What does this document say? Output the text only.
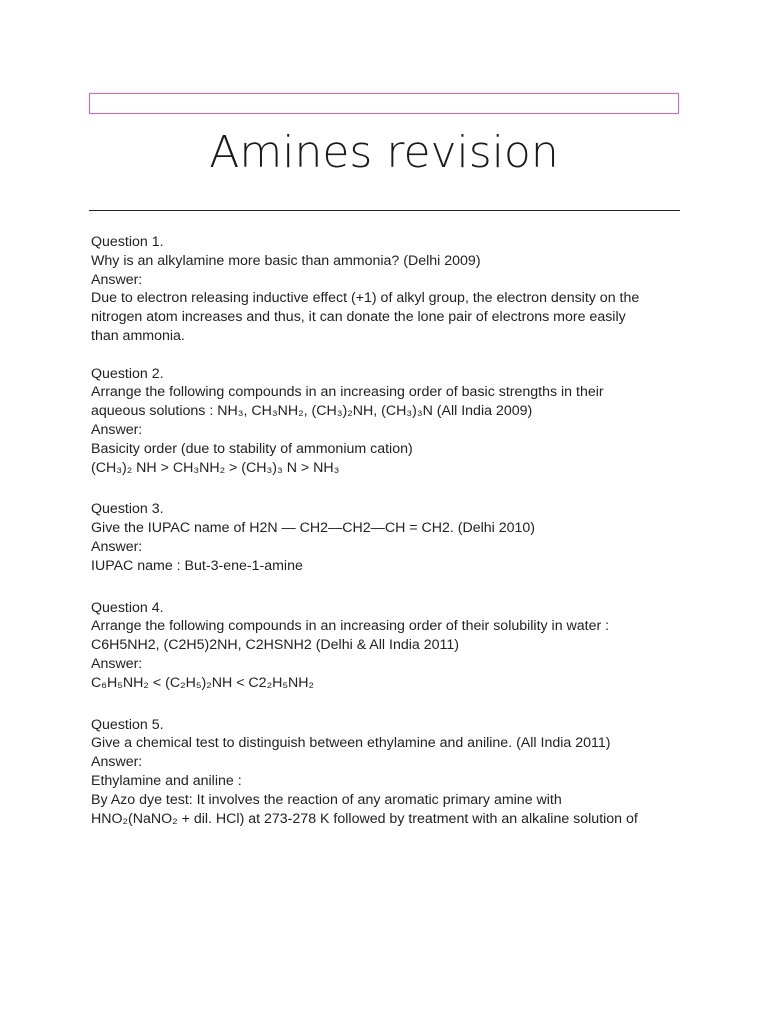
Amines revision
Question 1.
Why is an alkylamine more basic than ammonia? (Delhi 2009)
Answer:
Due to electron releasing inductive effect (+1) of alkyl group, the electron density on the
nitrogen atom increases and thus, it can donate the lone pair of electrons more easily
than ammonia.
Question 2.
Arrange the following compounds in an increasing order of basic strengths in their
aqueous solutions : NH₃, CH₃NH₂, (CH₃)₂NH, (CH₃)₃N (All India 2009)
Answer:
Basicity order (due to stability of ammonium cation)
(CH₃)₂ NH > CH₃NH₂ > (CH₃)₃ N > NH₃
Question 3.
Give the IUPAC name of H2N — CH2—CH2—CH = CH2. (Delhi 2010)
Answer:
IUPAC name : But-3-ene-1-amine
Question 4.
Arrange the following compounds in an increasing order of their solubility in water :
C6H5NH2, (C2H5)2NH, C2HSNH2 (Delhi & All India 2011)
Answer:
C₆H₅NH₂ < (C₂H₅)₂NH < C2₂H₅NH₂
Question 5.
Give a chemical test to distinguish between ethylamine and aniline. (All India 2011)
Answer:
Ethylamine and aniline :
By Azo dye test: It involves the reaction of any aromatic primary amine with
HNO₂(NaNO₂ + dil. HCl) at 273-278 K followed by treatment with an alkaline solution of
